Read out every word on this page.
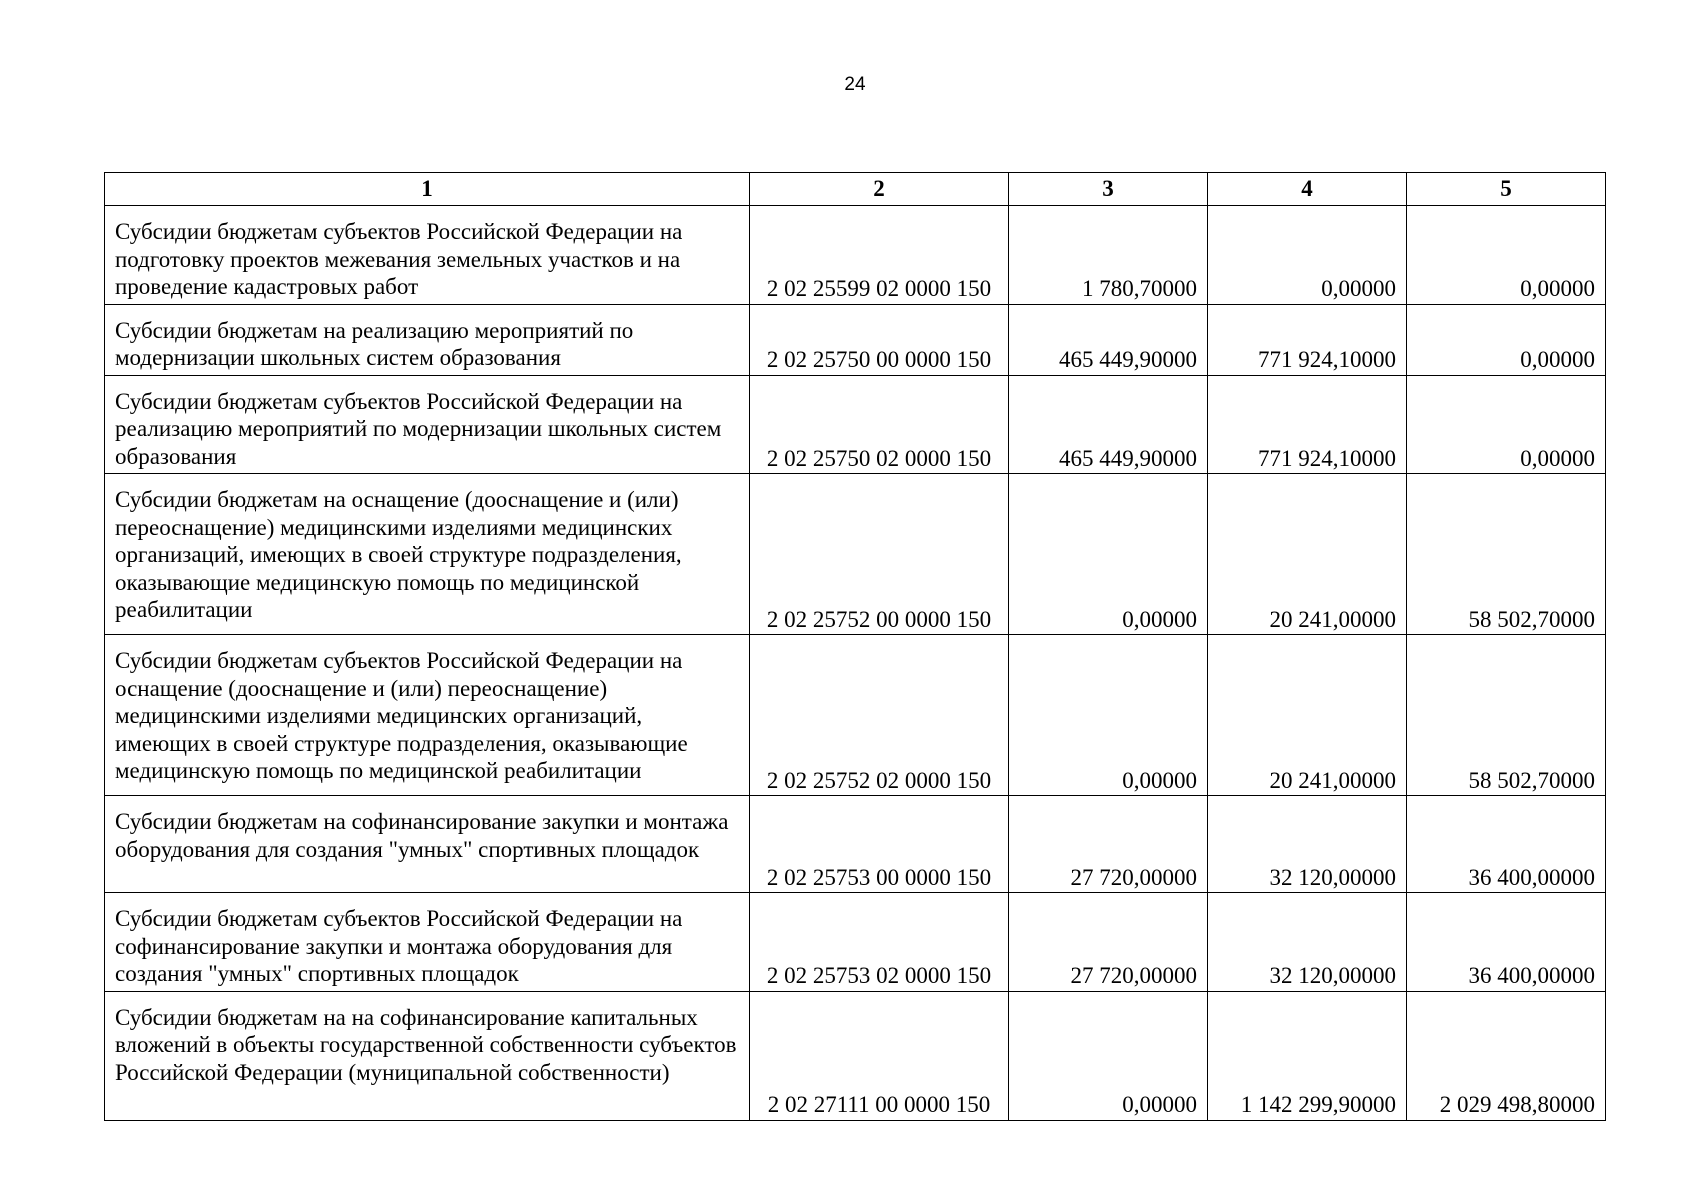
24
1	2	3	4	5
Субсидии бюджетам субъектов Российской Федерации на подготовку проектов межевания земельных участков и на проведение кадастровых работ	2 02 25599 02 0000 150	1 780,70000	0,00000	0,00000
Субсидии бюджетам на реализацию мероприятий по модернизации школьных систем образования	2 02 25750 00 0000 150	465 449,90000	771 924,10000	0,00000
Субсидии бюджетам субъектов Российской Федерации на реализацию мероприятий по модернизации школьных систем образования	2 02 25750 02 0000 150	465 449,90000	771 924,10000	0,00000
Субсидии бюджетам на оснащение (дооснащение и (или) переоснащение) медицинскими изделиями медицинских организаций, имеющих в своей структуре подразделения, оказывающие медицинскую помощь по медицинской реабилитации	2 02 25752 00 0000 150	0,00000	20 241,00000	58 502,70000
Субсидии бюджетам субъектов Российской Федерации на оснащение (дооснащение и (или) переоснащение) медицинскими изделиями медицинских организаций, имеющих в своей структуре подразделения, оказывающие медицинскую помощь по медицинской реабилитации	2 02 25752 02 0000 150	0,00000	20 241,00000	58 502,70000
Субсидии бюджетам на софинансирование закупки и монтажа оборудования для создания "умных" спортивных площадок	2 02 25753 00 0000 150	27 720,00000	32 120,00000	36 400,00000
Субсидии бюджетам субъектов Российской Федерации на софинансирование закупки и монтажа оборудования для создания "умных" спортивных площадок	2 02 25753 02 0000 150	27 720,00000	32 120,00000	36 400,00000
Субсидии бюджетам на на софинансирование капитальных вложений в объекты государственной собственности субъектов Российской Федерации (муниципальной собственности)	2 02 27111 00 0000 150	0,00000	1 142 299,90000	2 029 498,80000
